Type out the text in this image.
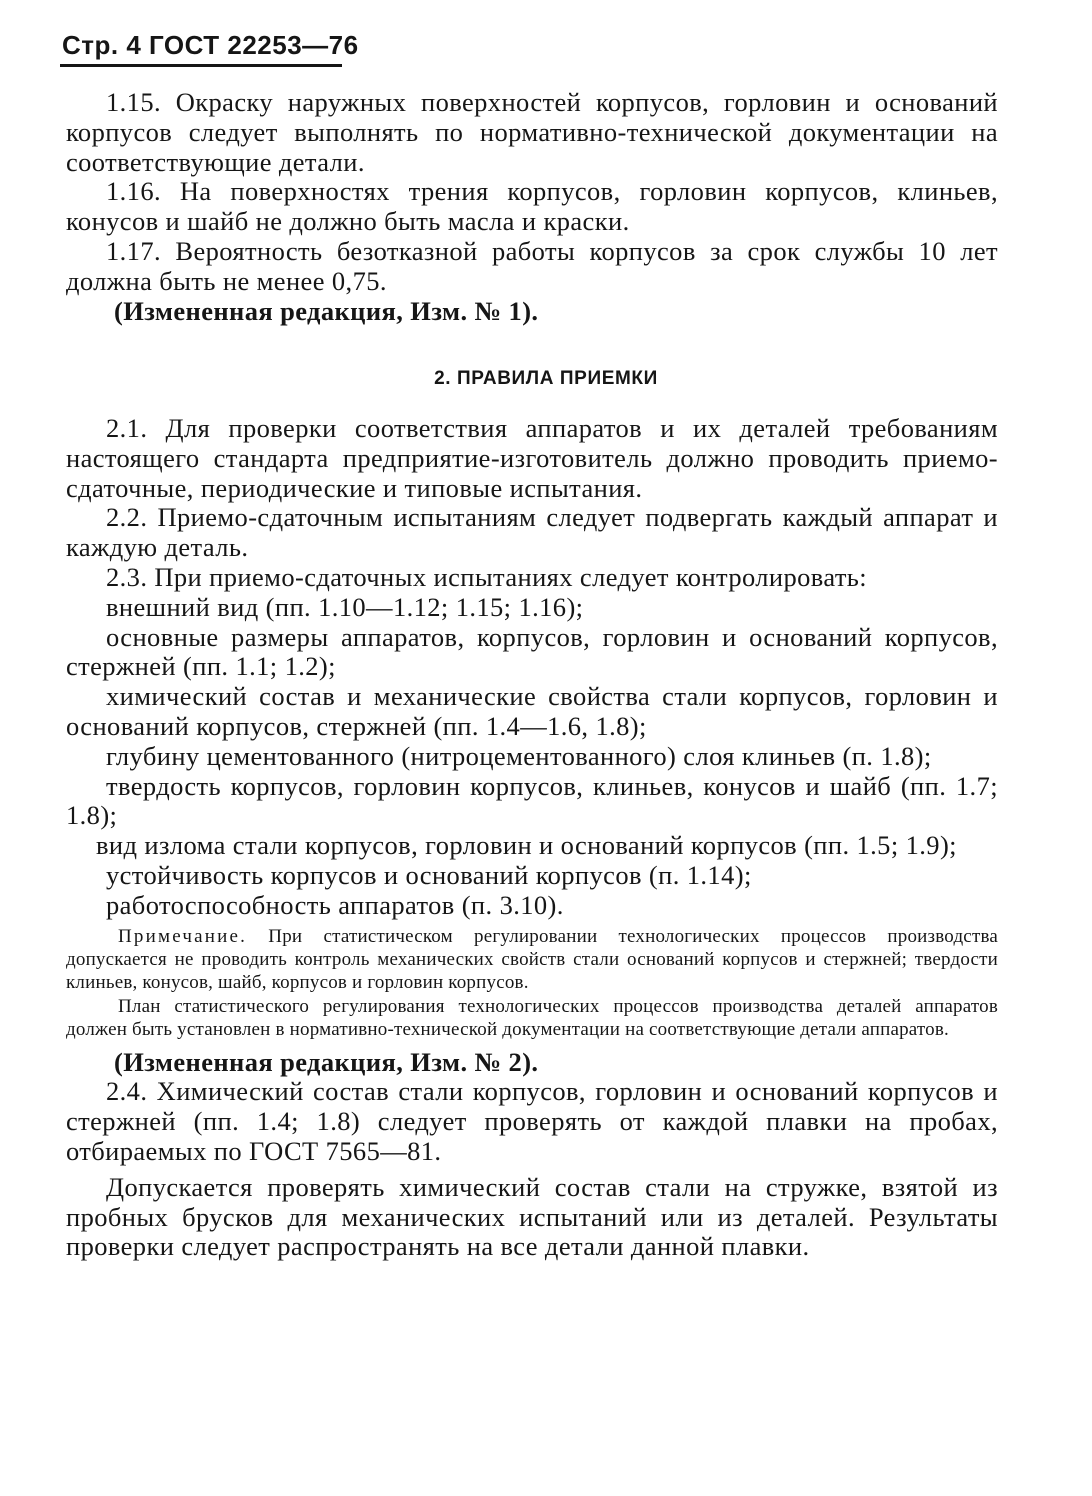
Стр. 4 ГОСТ 22253—76

1.15. Окраску наружных поверхностей корпусов, горловин и оснований корпусов следует выполнять по нормативно-технической документации на соответствующие детали.

1.16. На поверхностях трения корпусов, горловин корпусов, клиньев, конусов и шайб не должно быть масла и краски.

1.17. Вероятность безотказной работы корпусов за срок службы 10 лет должна быть не менее 0,75.

(Измененная редакция, Изм. № 1).

2. ПРАВИЛА ПРИЕМКИ

2.1. Для проверки соответствия аппаратов и их деталей требованиям настоящего стандарта предприятие-изготовитель должно проводить приемо-сдаточные, периодические и типовые испытания.

2.2. Приемо-сдаточным испытаниям следует подвергать каждый аппарат и каждую деталь.

2.3. При приемо-сдаточных испытаниях следует контролировать:

внешний вид (пп. 1.10—1.12; 1.15; 1.16);

основные размеры аппаратов, корпусов, горловин и оснований корпусов, стержней (пп. 1.1; 1.2);

химический состав и механические свойства стали корпусов, горловин и оснований корпусов, стержней (пп. 1.4—1.6, 1.8);

глубину цементованного (нитроцементованного) слоя клиньев (п. 1.8);

твердость корпусов, горловин корпусов, клиньев, конусов и шайб (пп. 1.7; 1.8);

вид излома стали корпусов, горловин и оснований корпусов (пп. 1.5; 1.9);

устойчивость корпусов и оснований корпусов (п. 1.14);

работоспособность аппаратов (п. 3.10).

Примечание. При статистическом регулировании технологических процессов производства допускается не проводить контроль механических свойств стали оснований корпусов и стержней; твердости клиньев, конусов, шайб, корпусов и горловин корпусов.

План статистического регулирования технологических процессов производства деталей аппаратов должен быть установлен в нормативно-технической документации на соответствующие детали аппаратов.

(Измененная редакция, Изм. № 2).

2.4. Химический состав стали корпусов, горловин и оснований корпусов и стержней (пп. 1.4; 1.8) следует проверять от каждой плавки на пробах, отбираемых по ГОСТ 7565—81.

Допускается проверять химический состав стали на стружке, взятой из пробных брусков для механических испытаний или из деталей. Результаты проверки следует распространять на все детали данной плавки.
